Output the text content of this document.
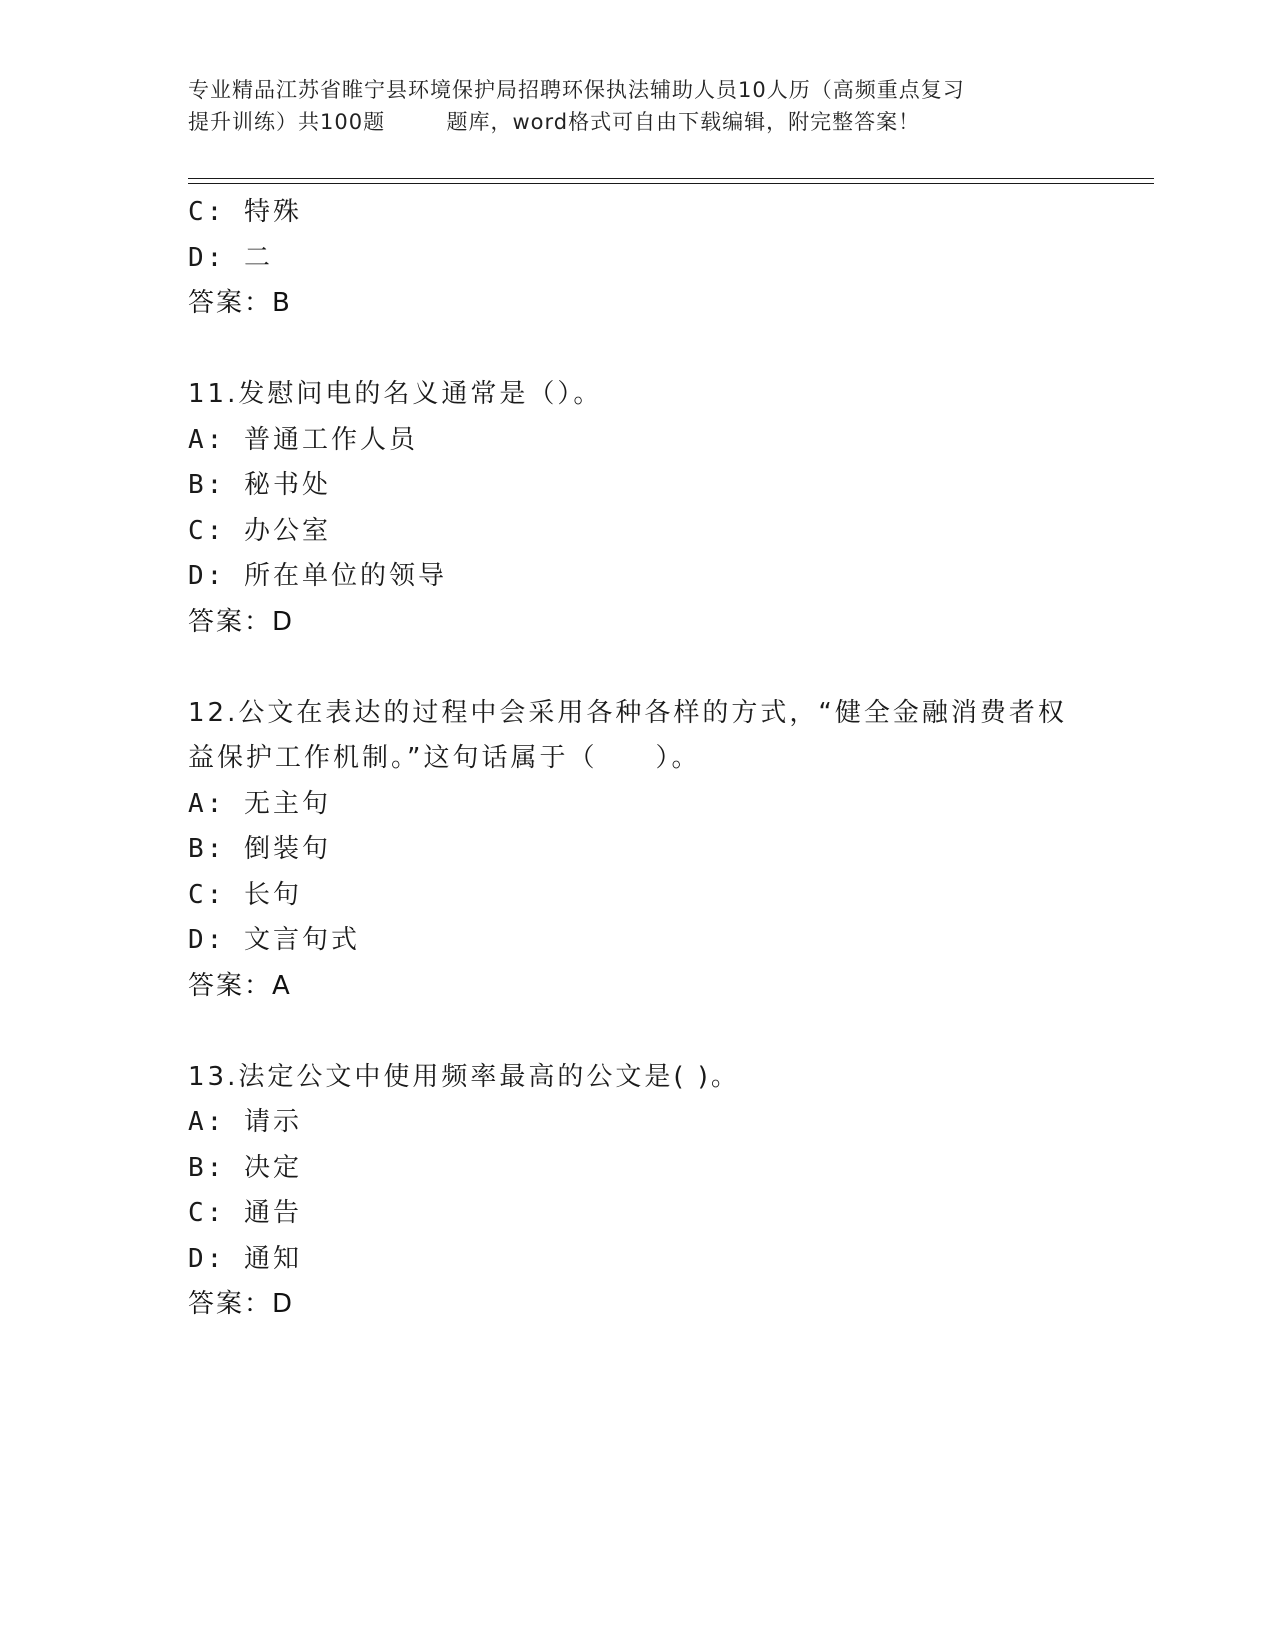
专业精品江苏省睢宁县环境保护局招聘环保执法辅助人员10人历（高频重点复习
提升训练）共100题        题库，word格式可自由下载编辑，附完整答案！
C: 特殊
D: 二
答案：B
11.发慰问电的名义通常是（）。
A: 普通工作人员
B: 秘书处
C: 办公室
D: 所在单位的领导
答案：D
12.公文在表达的过程中会采用各种各样的方式，“健全金融消费者权
益保护工作机制。”这句话属于（　　）。
A: 无主句
B: 倒装句
C: 长句
D: 文言句式
答案：A
13.法定公文中使用频率最高的公文是( )。
A: 请示
B: 决定
C: 通告
D: 通知
答案：D
